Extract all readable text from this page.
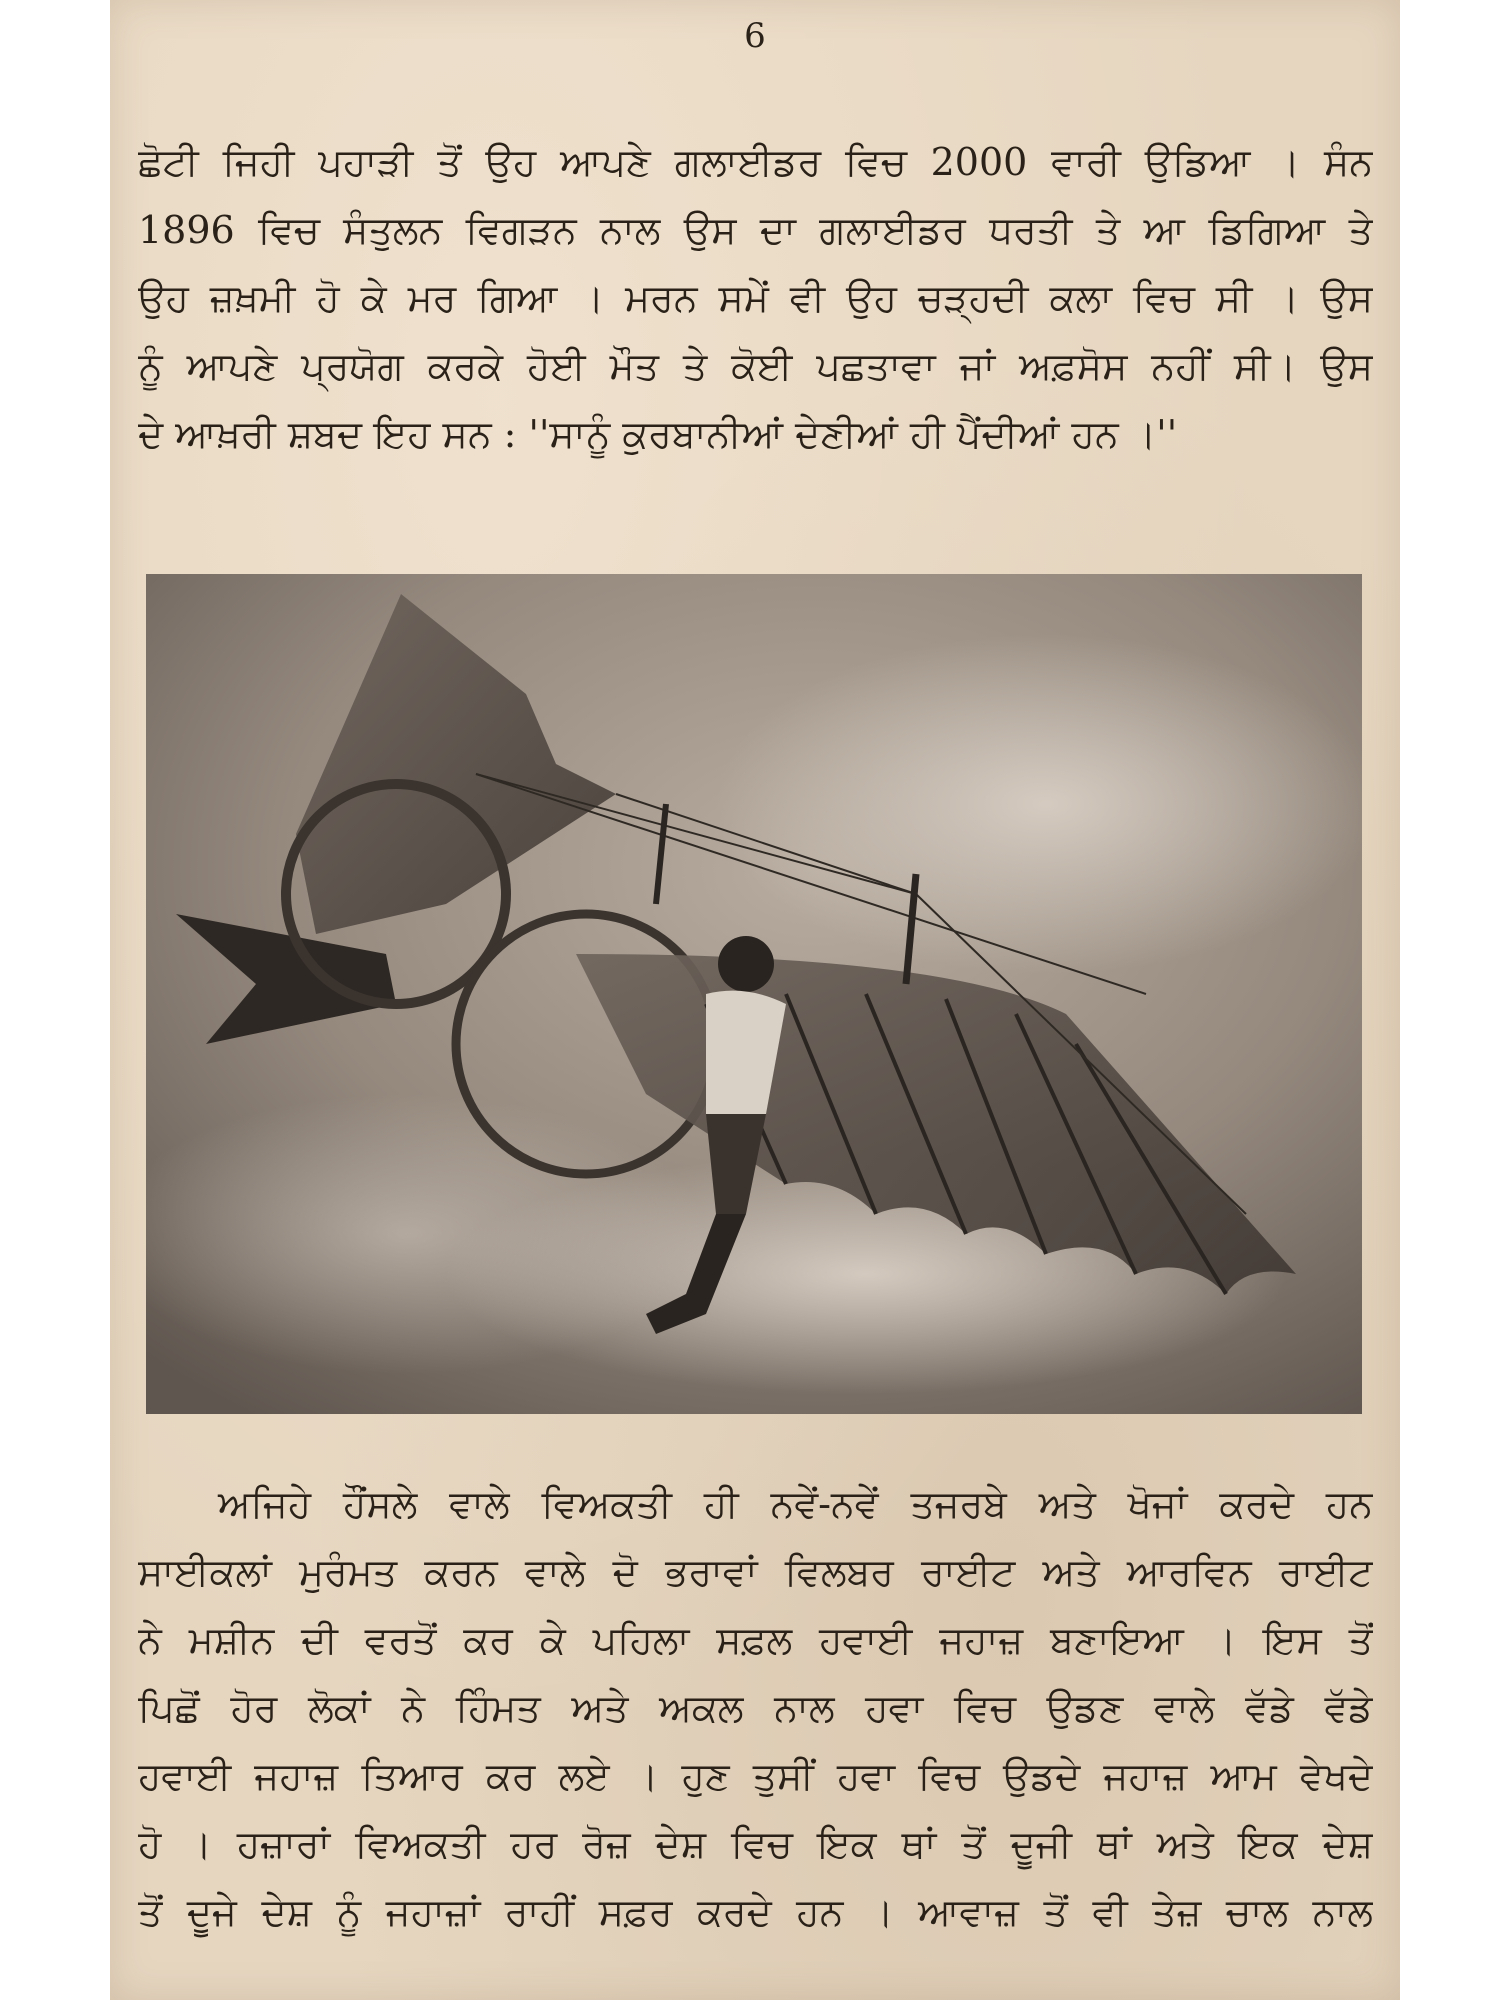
6
ਛੋਟੀ ਜਿਹੀ ਪਹਾੜੀ ਤੋਂ ਉਹ ਆਪਣੇ ਗਲਾਈਡਰ ਵਿਚ 2000 ਵਾਰੀ ਉਡਿਆ । ਸੰਨ
1896 ਵਿਚ ਸੰਤੁਲਨ ਵਿਗੜਨ ਨਾਲ ਉਸ ਦਾ ਗਲਾਈਡਰ ਧਰਤੀ ਤੇ ਆ ਡਿਗਿਆ ਤੇ
ਉਹ ਜ਼ਖ਼ਮੀ ਹੋ ਕੇ ਮਰ ਗਿਆ । ਮਰਨ ਸਮੇਂ ਵੀ ਉਹ ਚੜ੍ਹਦੀ ਕਲਾ ਵਿਚ ਸੀ । ਉਸ
ਨੂੰ ਆਪਣੇ ਪ੍ਰਯੋਗ ਕਰਕੇ ਹੋਈ ਮੌਤ ਤੇ ਕੋਈ ਪਛਤਾਵਾ ਜਾਂ ਅਫ਼ਸੋਸ ਨਹੀਂ ਸੀ। ਉਸ
ਦੇ ਆਖ਼ਰੀ ਸ਼ਬਦ ਇਹ ਸਨ : ''ਸਾਨੂੰ ਕੁਰਬਾਨੀਆਂ ਦੇਣੀਆਂ ਹੀ ਪੈਂਦੀਆਂ ਹਨ ।''
ਅਜਿਹੇ ਹੌਂਸਲੇ ਵਾਲੇ ਵਿਅਕਤੀ ਹੀ ਨਵੇਂ-ਨਵੇਂ ਤਜਰਬੇ ਅਤੇ ਖੋਜਾਂ ਕਰਦੇ ਹਨ
ਸਾਈਕਲਾਂ ਮੁਰੰਮਤ ਕਰਨ ਵਾਲੇ ਦੋ ਭਰਾਵਾਂ ਵਿਲਬਰ ਰਾਈਟ ਅਤੇ ਆਰਵਿਨ ਰਾਈਟ
ਨੇ ਮਸ਼ੀਨ ਦੀ ਵਰਤੋਂ ਕਰ ਕੇ ਪਹਿਲਾ ਸਫ਼ਲ ਹਵਾਈ ਜਹਾਜ਼ ਬਣਾਇਆ । ਇਸ ਤੋਂ
ਪਿਛੋਂ ਹੋਰ ਲੋਕਾਂ ਨੇ ਹਿੰਮਤ ਅਤੇ ਅਕਲ ਨਾਲ ਹਵਾ ਵਿਚ ਉਡਣ ਵਾਲੇ ਵੱਡੇ ਵੱਡੇ
ਹਵਾਈ ਜਹਾਜ਼ ਤਿਆਰ ਕਰ ਲਏ । ਹੁਣ ਤੁਸੀਂ ਹਵਾ ਵਿਚ ਉਡਦੇ ਜਹਾਜ਼ ਆਮ ਵੇਖਦੇ
ਹੋ । ਹਜ਼ਾਰਾਂ ਵਿਅਕਤੀ ਹਰ ਰੋਜ਼ ਦੇਸ਼ ਵਿਚ ਇਕ ਥਾਂ ਤੋਂ ਦੂਜੀ ਥਾਂ ਅਤੇ ਇਕ ਦੇਸ਼
ਤੋਂ ਦੂਜੇ ਦੇਸ਼ ਨੂੰ ਜਹਾਜ਼ਾਂ ਰਾਹੀਂ ਸਫ਼ਰ ਕਰਦੇ ਹਨ । ਆਵਾਜ਼ ਤੋਂ ਵੀ ਤੇਜ਼ ਚਾਲ ਨਾਲ
